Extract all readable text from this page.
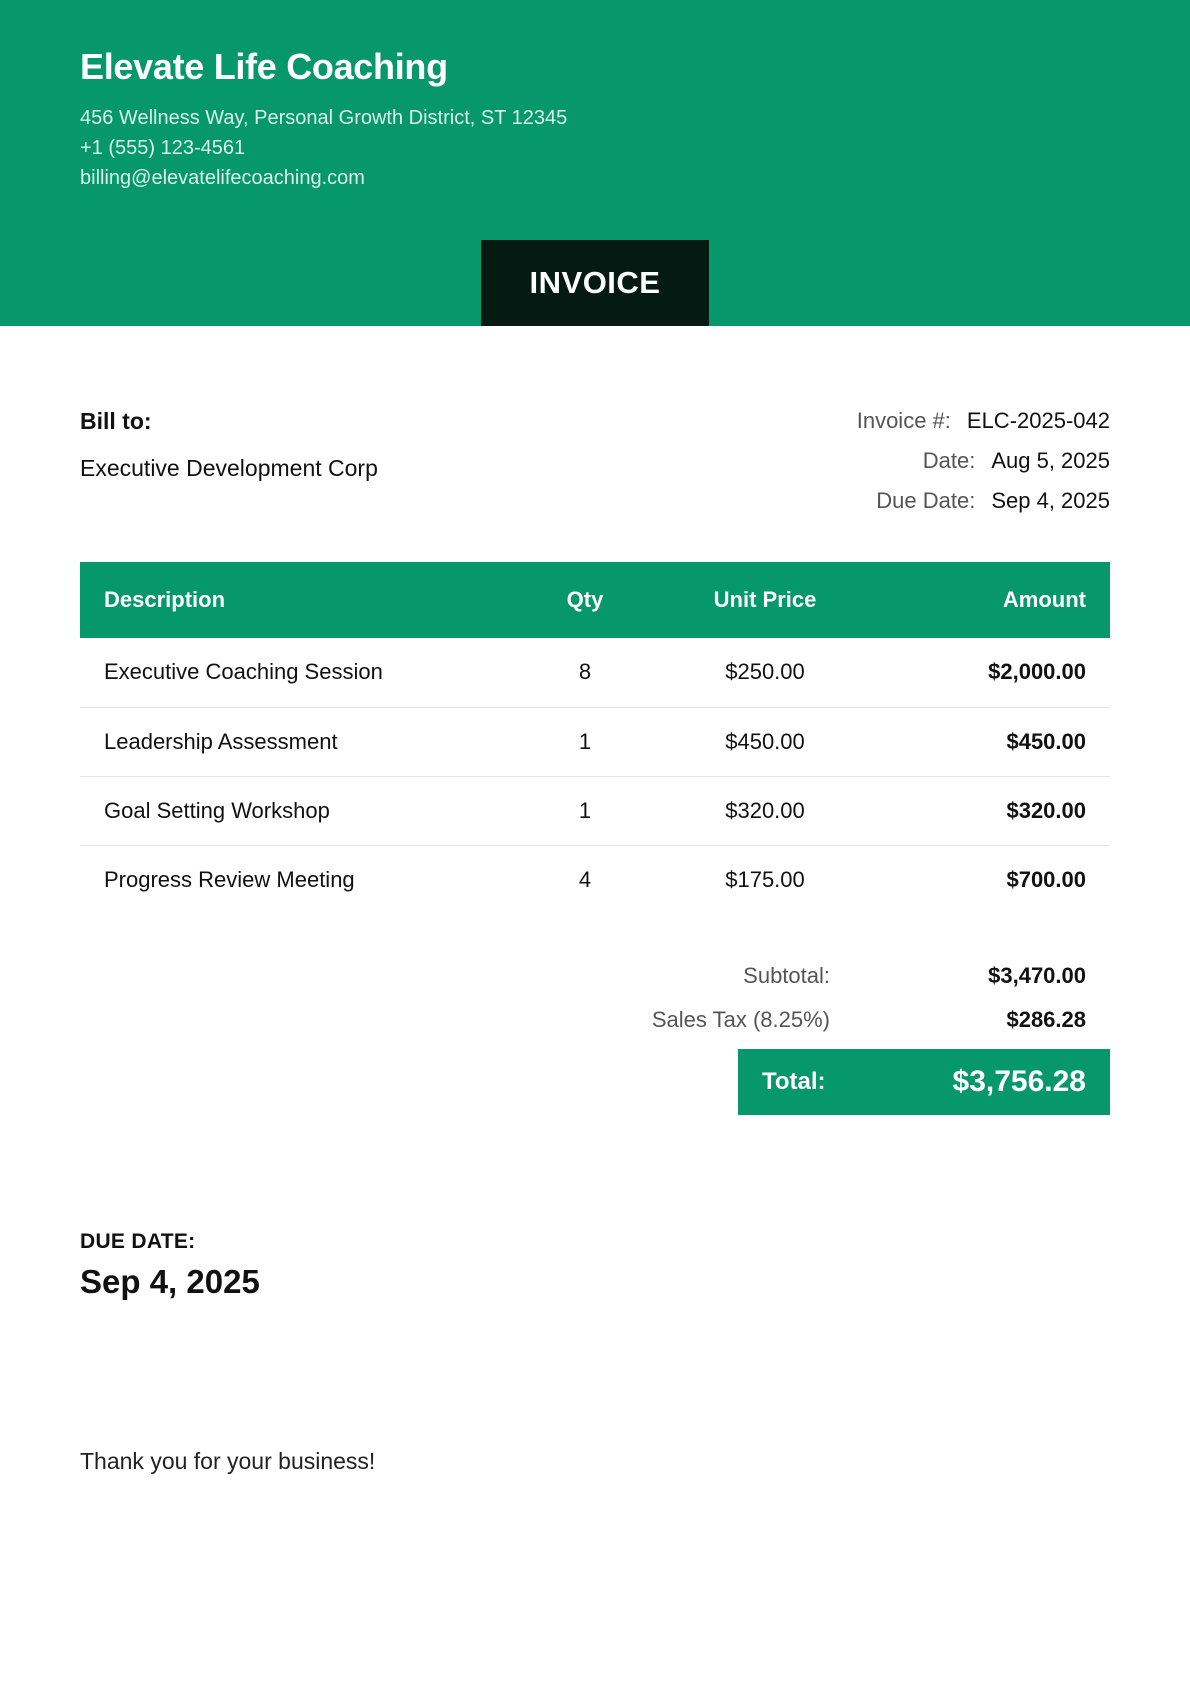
Elevate Life Coaching
456 Wellness Way, Personal Growth District, ST 12345
+1 (555) 123-4561
billing@elevatelifecoaching.com
INVOICE
Bill to:
Executive Development Corp
Invoice #: ELC-2025-042
Date: Aug 5, 2025
Due Date: Sep 4, 2025
Description	Qty	Unit Price	Amount
Executive Coaching Session	8	$250.00	$2,000.00
Leadership Assessment	1	$450.00	$450.00
Goal Setting Workshop	1	$320.00	$320.00
Progress Review Meeting	4	$175.00	$700.00
Subtotal:	$3,470.00
Sales Tax (8.25%)	$286.28
Total:	$3,756.28
DUE DATE:
Sep 4, 2025
Thank you for your business!
